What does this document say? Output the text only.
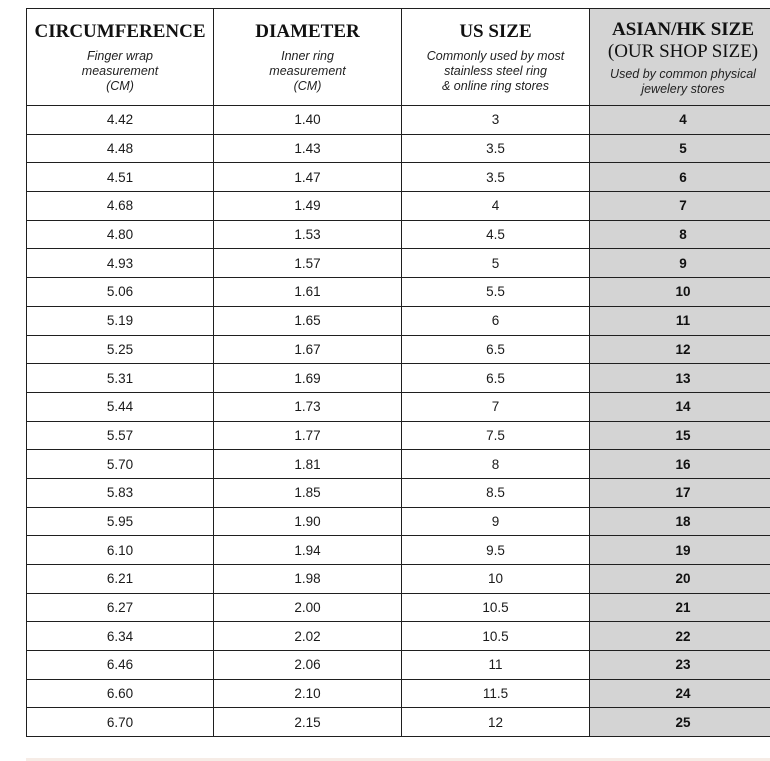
CIRCUMFERENCE
Finger wrap
measurement
(CM)	DIAMETER
Inner ring
measurement
(CM)	US SIZE
Commonly used by most
stainless steel ring
& online ring stores	ASIAN/HK SIZE
(OUR SHOP SIZE)
Used by common physical
jewelery stores

4.42	1.40	3	4
4.48	1.43	3.5	5
4.51	1.47	3.5	6
4.68	1.49	4	7
4.80	1.53	4.5	8
4.93	1.57	5	9
5.06	1.61	5.5	10
5.19	1.65	6	11
5.25	1.67	6.5	12
5.31	1.69	6.5	13
5.44	1.73	7	14
5.57	1.77	7.5	15
5.70	1.81	8	16
5.83	1.85	8.5	17
5.95	1.90	9	18
6.10	1.94	9.5	19
6.21	1.98	10	20
6.27	2.00	10.5	21
6.34	2.02	10.5	22
6.46	2.06	11	23
6.60	2.10	11.5	24
6.70	2.15	12	25
